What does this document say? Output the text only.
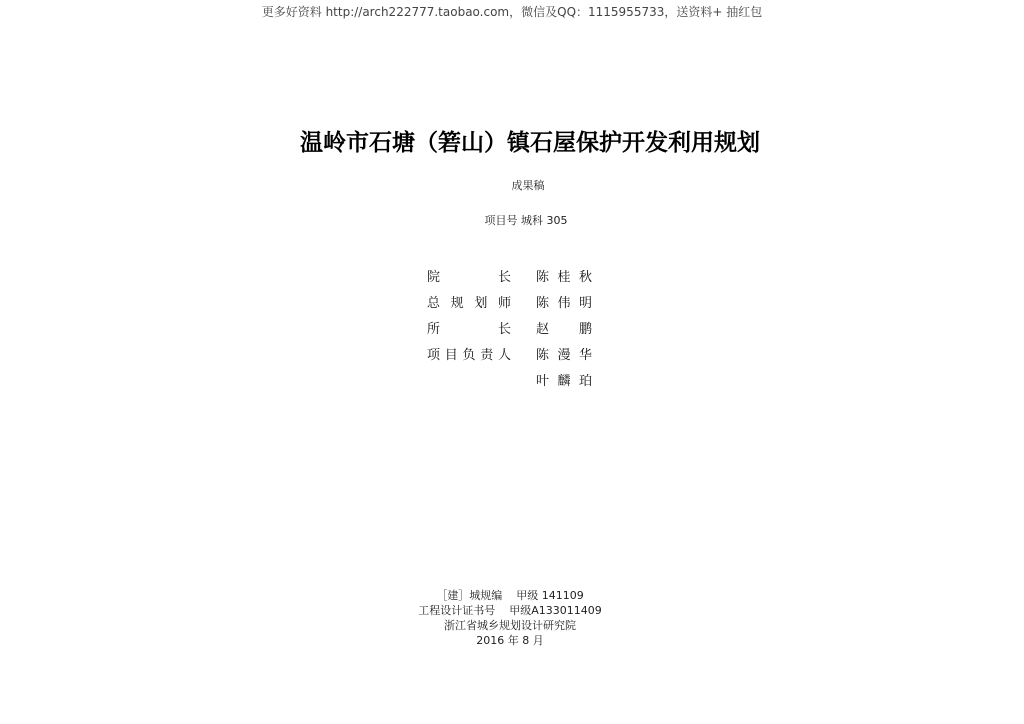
更多好资料 http://arch222777.taobao.com，微信及QQ：1115955733，送资料+ 抽红包
温岭市石塘（箬山）镇石屋保护开发利用规划
成果稿
项目号 城科 305
院长 陈桂秋
总规划师 陈伟明
所长 赵鹏
项目负责人 陈漫华
叶麟珀
［建］城规编    甲级 141109
工程设计证书号    甲级A133011409
浙江省城乡规划设计研究院
2016 年 8 月
